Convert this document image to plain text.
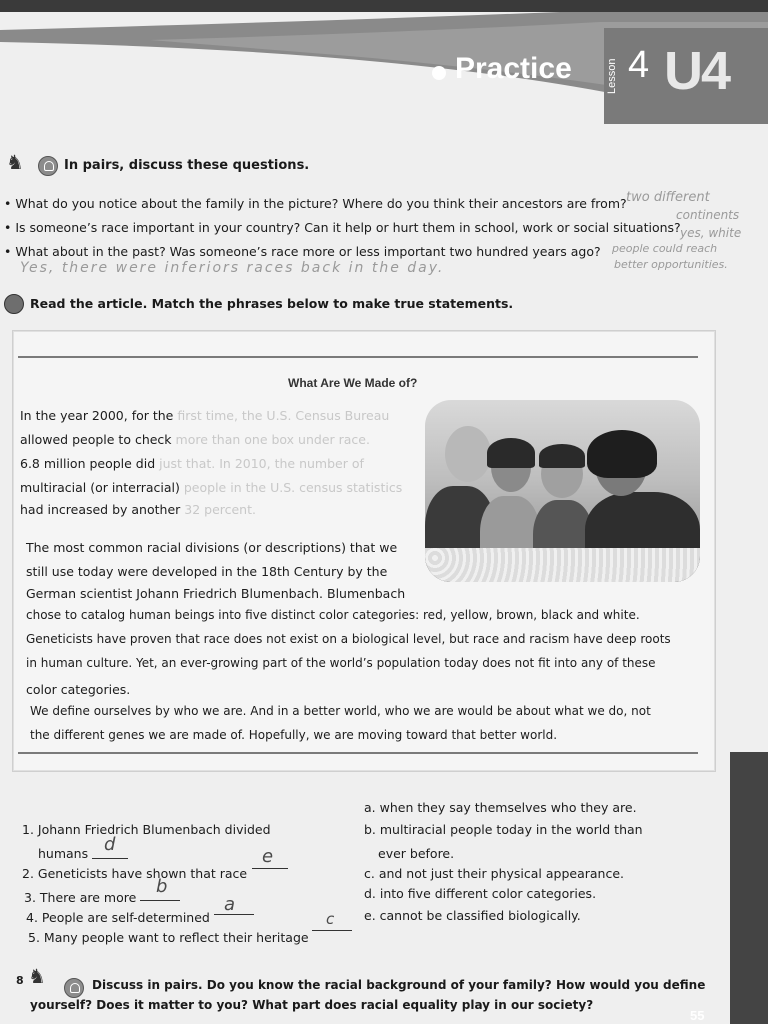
Practice	Lesson 4 U4
♞	In pairs, discuss these questions.
• What do you notice about the family in the picture? Where do you think their ancestors are from?
• Is someone’s race important in your country? Can it help or hurt them in school, work or social situations?
• What about in the past? Was someone’s race more or less important two hundred years ago?
two different
continents
yes, white
people could reach
better opportunities.
Yes, there were inferiors races back in the day.
Read the article. Match the phrases below to make true statements.
What Are We Made of?
In the year 2000, for the first time, the U.S. Census Bureau
allowed people to check more than one box under race.
6.8 million people did just that. In 2010, the number of
multiracial (or interracial) people in the U.S. census statistics
had increased by another 32 percent.
The most common racial divisions (or descriptions) that we
still use today were developed in the 18th Century by the
German scientist Johann Friedrich Blumenbach. Blumenbach
chose to catalog human beings into five distinct color categories: red, yellow, brown, black and white.
Geneticists have proven that race does not exist on a biological level, but race and racism have deep roots
in human culture. Yet, an ever-growing part of the world’s population today does not fit into any of these
color categories.
We define ourselves by who we are. And in a better world, who we are would be about what we do, not
the different genes we are made of. Hopefully, we are moving toward that better world.
1. Johann Friedrich Blumenbach divided
humans d
2. Geneticists have shown that race
e
3. There are more
b
4. People are self-determined
a
5. Many people want to reflect their heritage
c
a. when they say themselves who they are.
b. multiracial people today in the world than
ever before.
c. and not just their physical appearance.
d. into five different color categories.
e. cannot be classified biologically.
8 ♞	Discuss in pairs. Do you know the racial background of your family? How would you define
yourself? Does it matter to you? What part does racial equality play in our society?
55
